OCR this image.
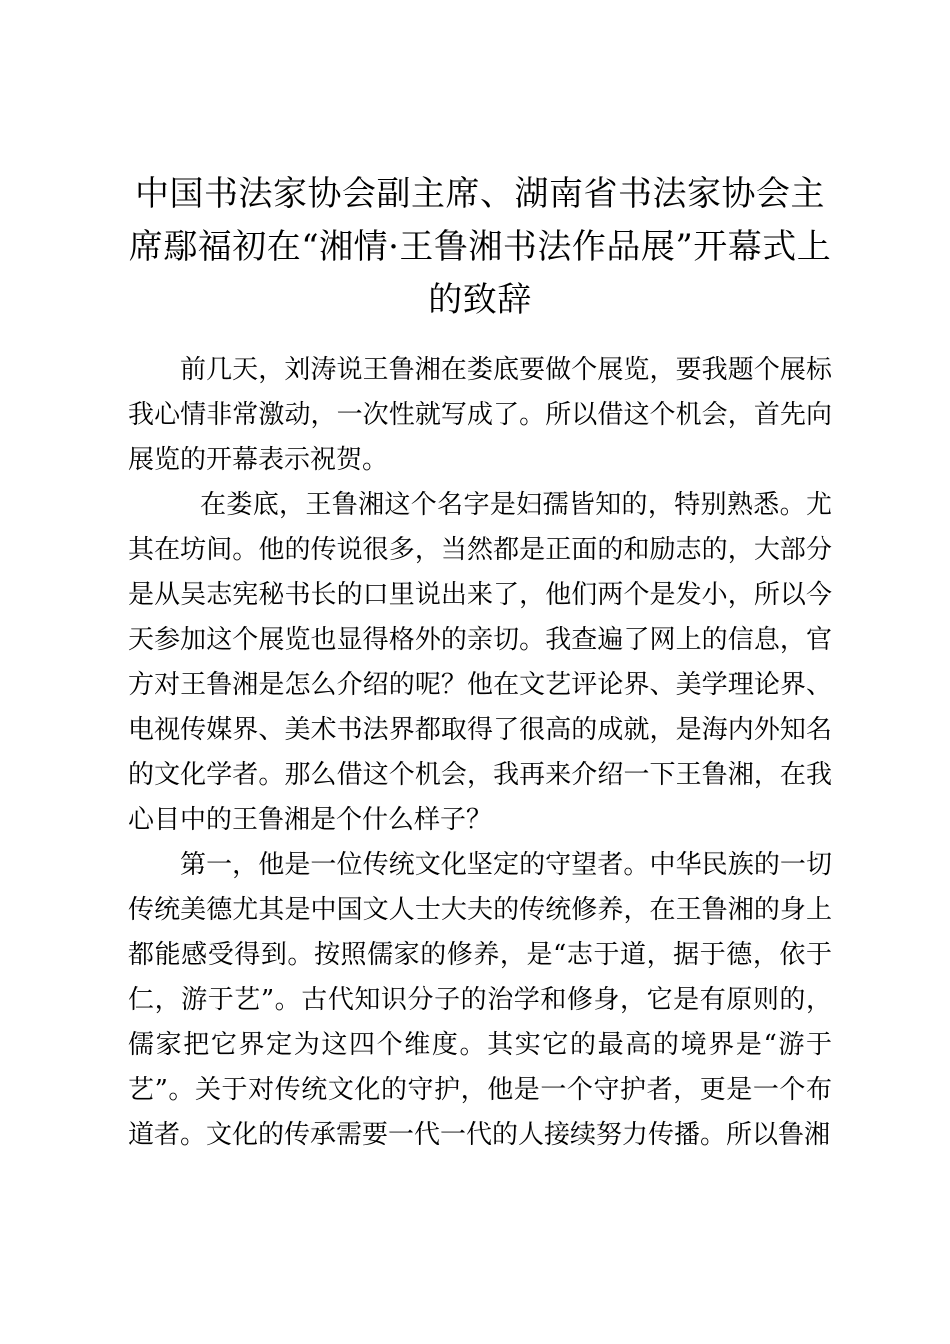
中国书法家协会副主席、湖南省书法家协会主席鄢福初在“湘情·王鲁湘书法作品展”开幕式上的致辞

前几天，刘涛说王鲁湘在娄底要做个展览，要我题个展标我心情非常激动，一次性就写成了。所以借这个机会，首先向展览的开幕表示祝贺。

在娄底，王鲁湘这个名字是妇孺皆知的，特别熟悉。尤其在坊间。他的传说很多，当然都是正面的和励志的，大部分是从吴志宪秘书长的口里说出来了，他们两个是发小，所以今天参加这个展览也显得格外的亲切。我查遍了网上的信息，官方对王鲁湘是怎么介绍的呢？他在文艺评论界、美学理论界、电视传媒界、美术书法界都取得了很高的成就，是海内外知名的文化学者。那么借这个机会，我再来介绍一下王鲁湘，在我心目中的王鲁湘是个什么样子？

第一，他是一位传统文化坚定的守望者。中华民族的一切传统美德尤其是中国文人士大夫的传统修养，在王鲁湘的身上都能感受得到。按照儒家的修养，是“志于道，据于德，依于仁，游于艺”。古代知识分子的治学和修身，它是有原则的，儒家把它界定为这四个维度。其实它的最高的境界是“游于艺”。关于对传统文化的守护，他是一个守护者，更是一个布道者。文化的传承需要一代一代的人接续努力传播。所以鲁湘
